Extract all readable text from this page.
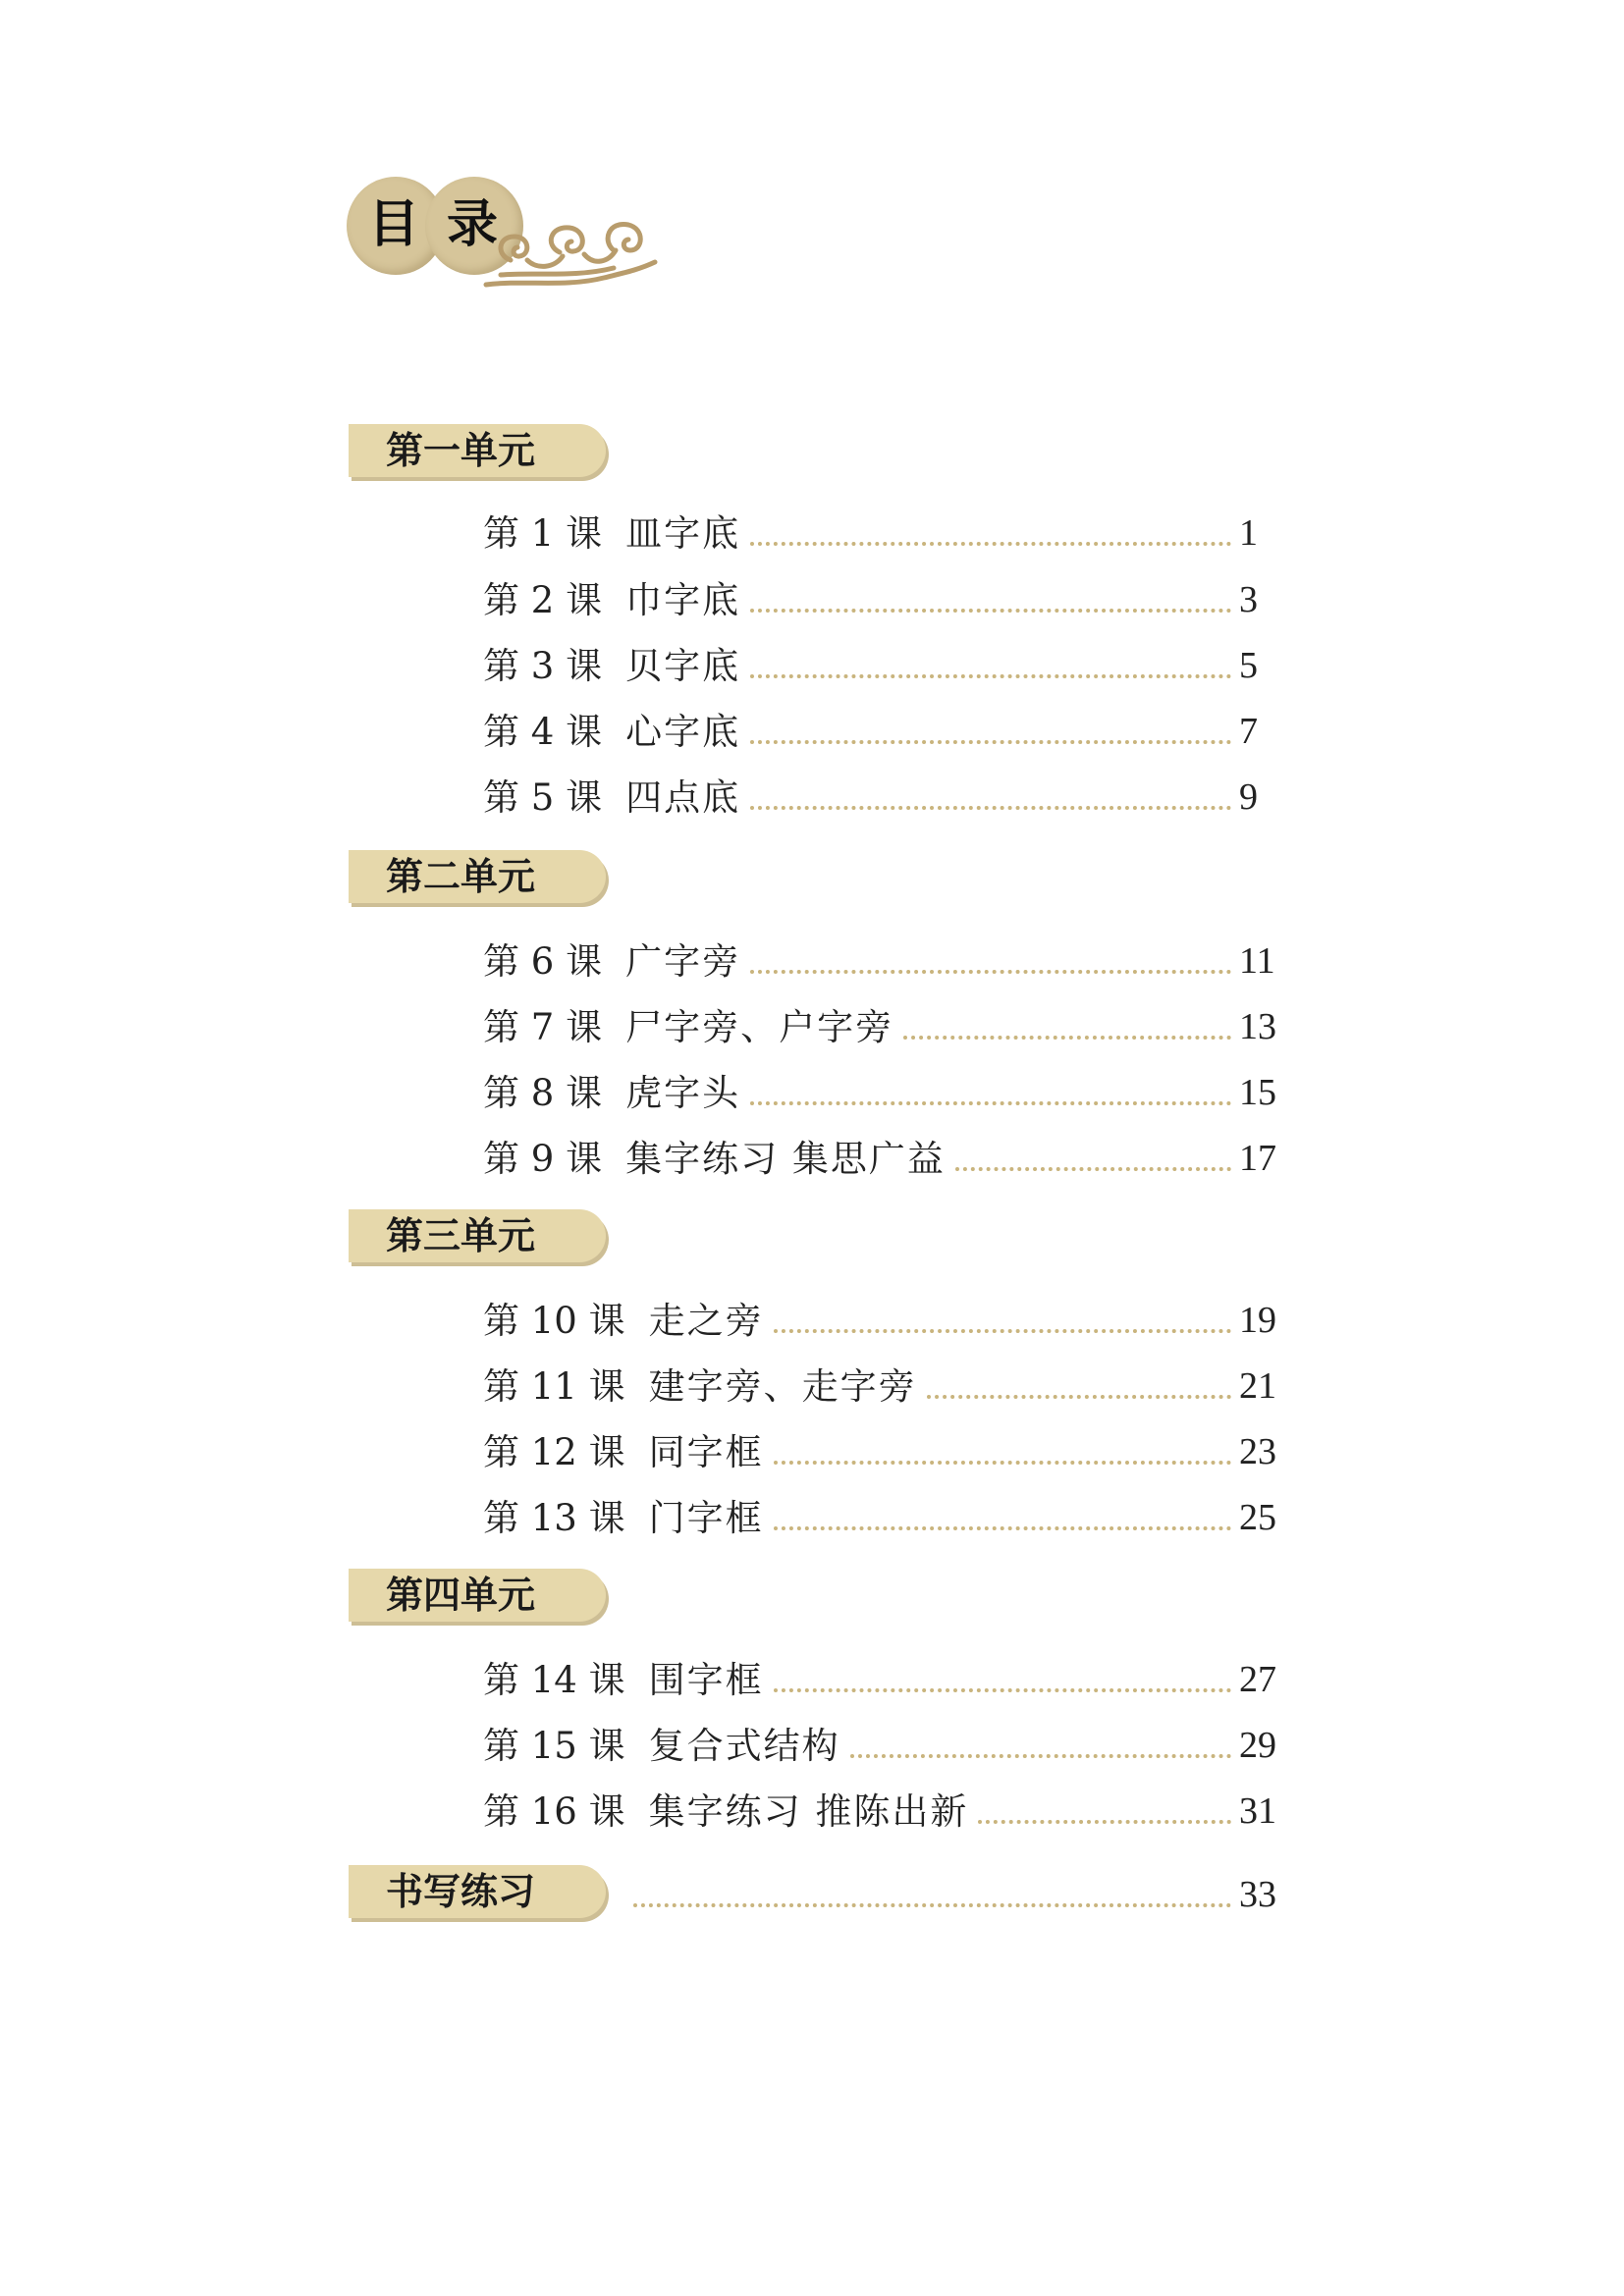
目 录
第一单元
第 1 课 皿字底	1
第 2 课 巾字底	3
第 3 课 贝字底	5
第 4 课 心字底	7
第 5 课 四点底	9
第二单元
第 6 课 广字旁	11
第 7 课 尸字旁、户字旁	13
第 8 课 虎字头	15
第 9 课 集字练习 集思广益	17
第三单元
第 10 课 走之旁	19
第 11 课 建字旁、走字旁	21
第 12 课 同字框	23
第 13 课 门字框	25
第四单元
第 14 课 围字框	27
第 15 课 复合式结构	29
第 16 课 集字练习 推陈出新	31
书写练习	33
